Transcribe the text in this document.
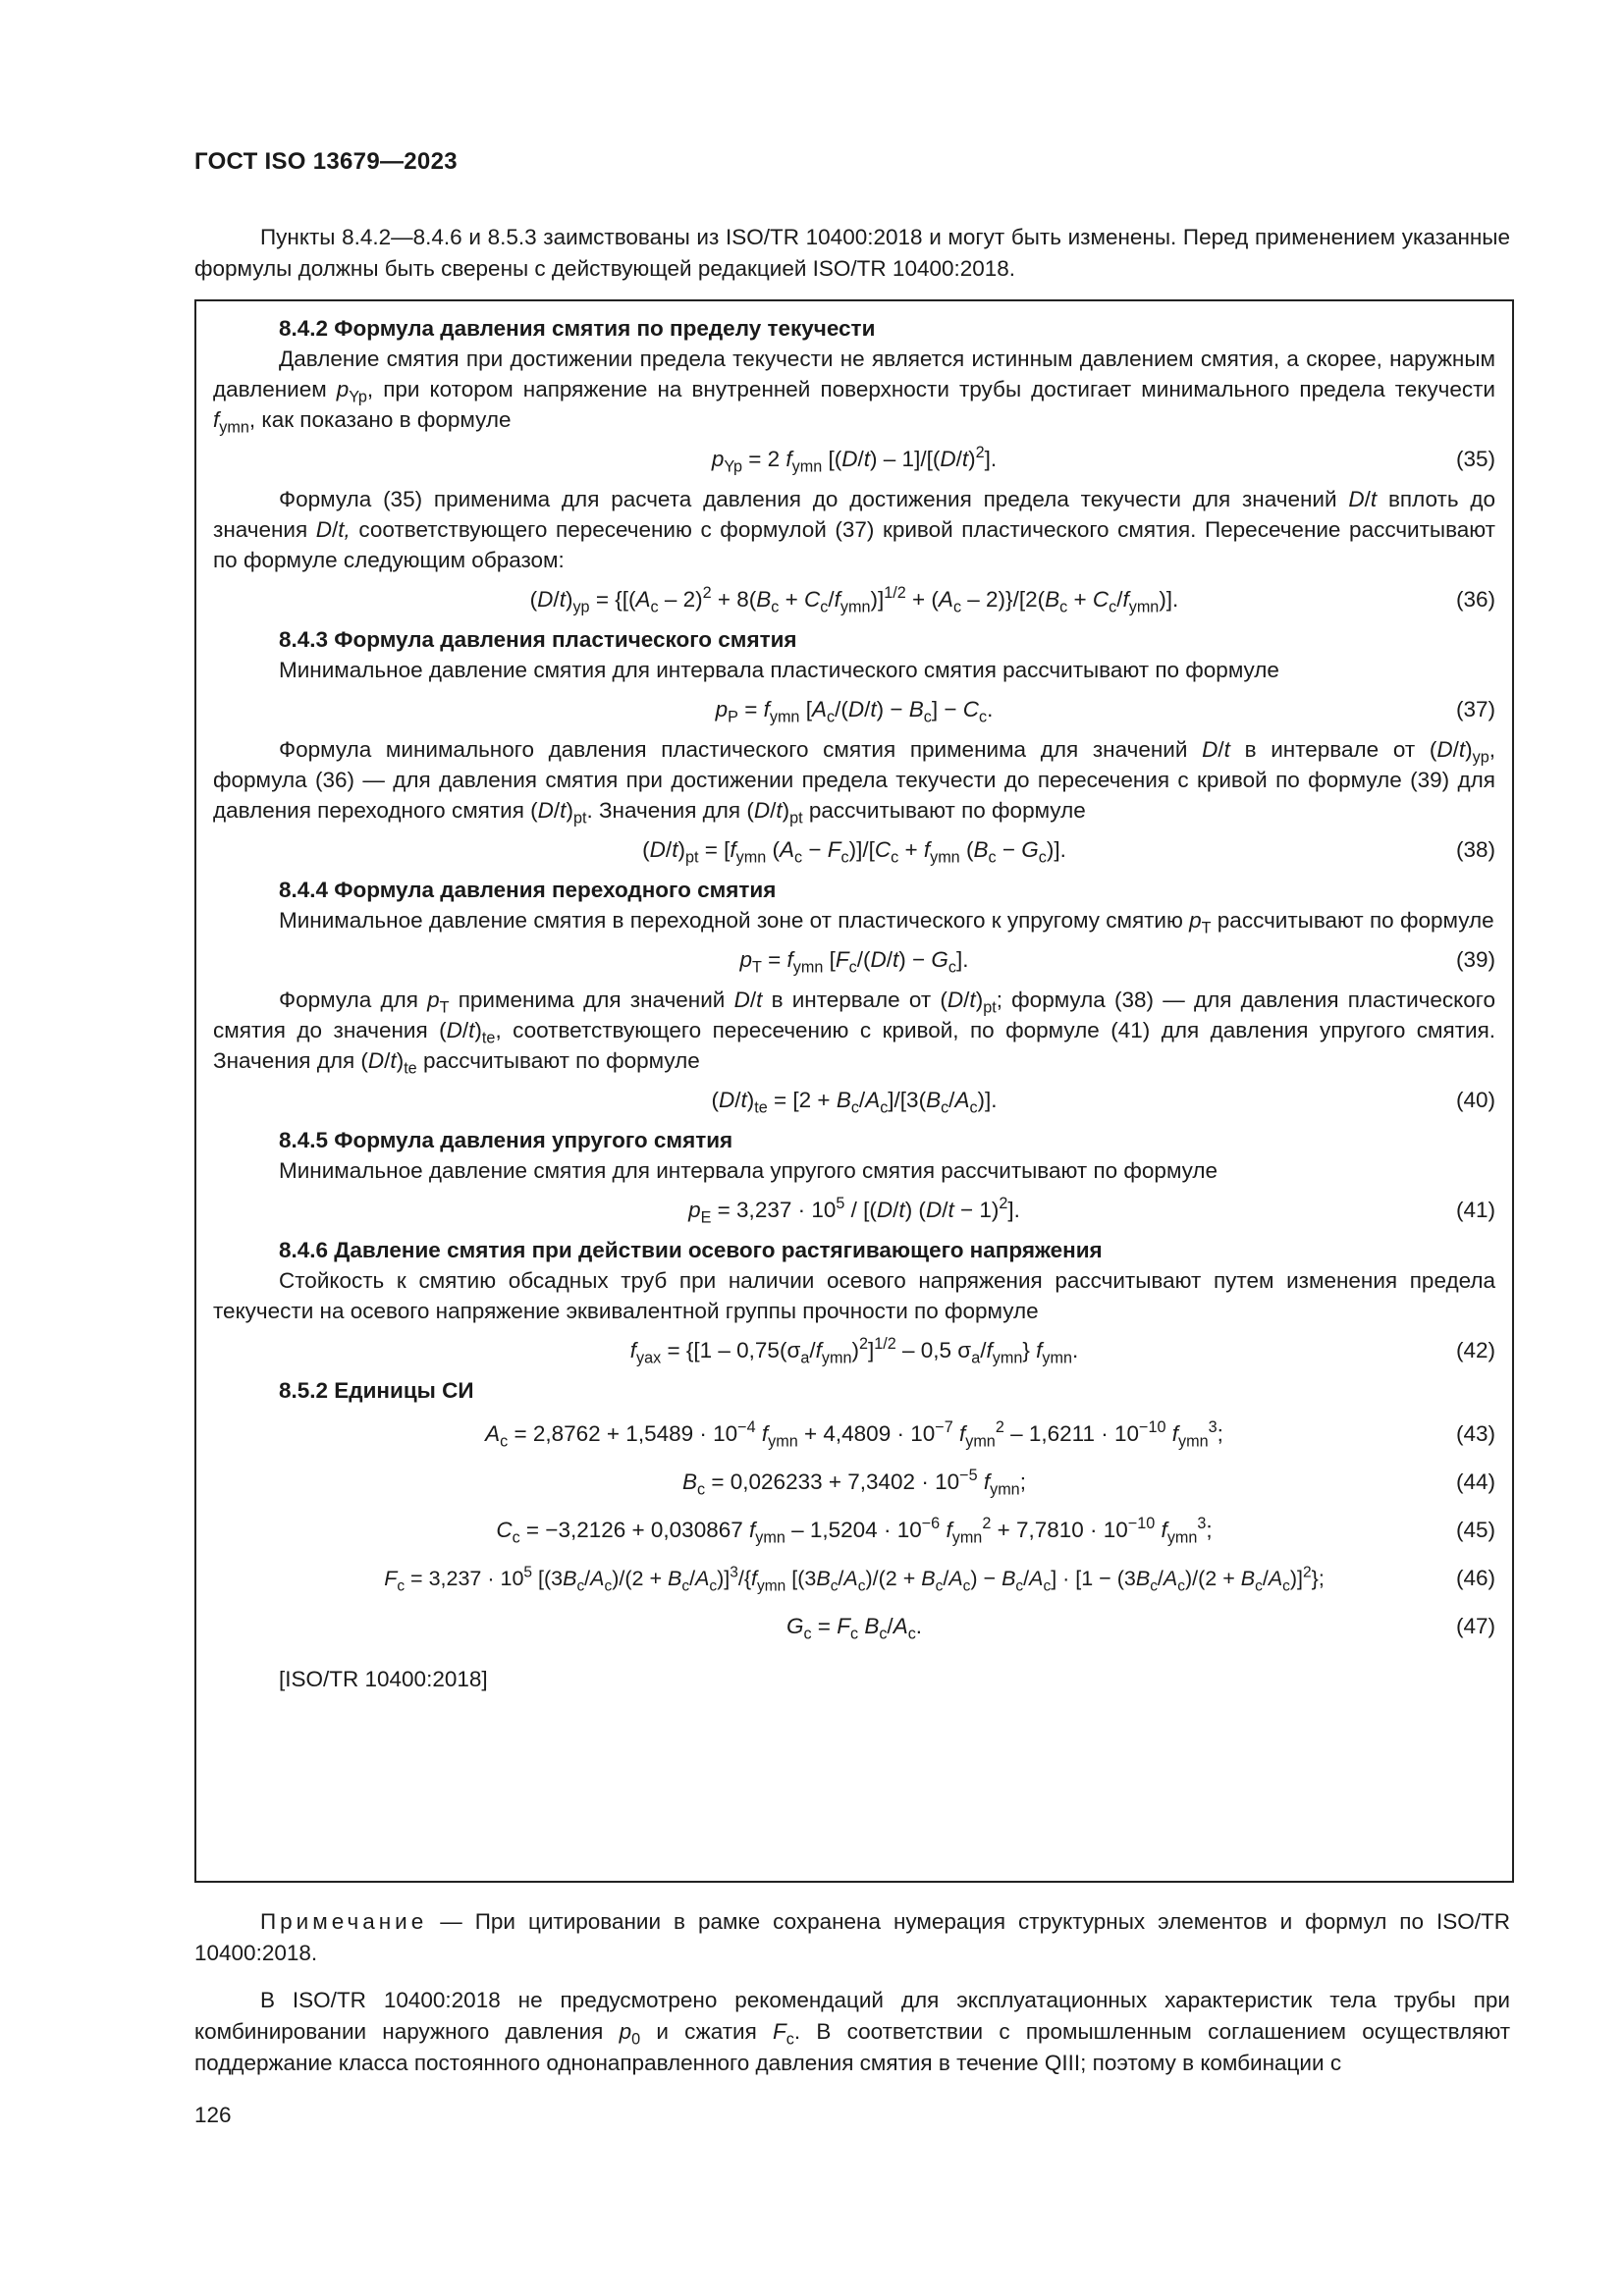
ГОСТ ISO 13679—2023

Пункты 8.4.2—8.4.6 и 8.5.3 заимствованы из ISO/TR 10400:2018 и могут быть изменены. Перед применением указанные формулы должны быть сверены с действующей редакцией ISO/TR 10400:2018.

8.4.2 Формула давления смятия по пределу текучести

Давление смятия при достижении предела текучести не является истинным давлением смятия, а скорее, наружным давлением $p_{Yp}$, при котором напряжение на внутренней поверхности трубы достигает минимального предела текучести $f_{ymn}$, как показано в формуле

$p_{Yp} = 2$ $f_{ymn}$ $[(D/t) - 1]/[(D/t)^2]$.	(35)

Формула (35) применима для расчета давления до достижения предела текучести для значений D/t вплоть до значения D/t, соответствующего пересечению с формулой (37) кривой пластического смятия. Пересечение рассчитывают по формуле следующим образом:

$(D/t)_{yp} = \{[(A_c - 2)^2 + 8(B_c + C_c/f_{ymn})]^{1/2} + (A_c - 2)\}/[2(B_c + C_c/f_{ymn})]$.	(36)

8.4.3 Формула давления пластического смятия

Минимальное давление смятия для интервала пластического смятия рассчитывают по формуле

$p_P = f_{ymn}$ $[A_c/(D/t) - B_c] - C_c$.	(37)

Формула минимального давления пластического смятия применима для значений D/t в интервале от $(D/t)_{yp}$, формула (36) — для давления смятия при достижении предела текучести до пересечения с кривой по формуле (39) для давления переходного смятия $(D/t)_{pt}$. Значения для $(D/t)_{pt}$ рассчитывают по формуле

$(D/t)_{pt} = [f_{ymn}$ $(A_c - F_c)]/[C_c + f_{ymn}$ $(B_c - G_c)$].	(38)

8.4.4 Формула давления переходного смятия

Минимальное давление смятия в переходной зоне от пластического к упругому смятию $p_T$ рассчитывают по формуле

$p_T = f_{ymn}$ $[F_c/(D/t) - G_c]$.	(39)

Формула для $p_T$ применима для значений D/t в интервале от $(D/t)_{pt}$; формула (38) — для давления пластического смятия до значения $(D/t)_{te}$, соответствующего пересечению с кривой, по формуле (41) для давления упругого смятия. Значения для $(D/t)_{te}$ рассчитывают по формуле

$(D/t)_{te} = [2 + B_c/A_c]/[3(B_c/A_c)]$.	(40)

8.4.5 Формула давления упругого смятия

Минимальное давление смятия для интервала упругого смятия рассчитывают по формуле

$p_E = 3,237 \cdot 10^5 / [(D/t) (D/t - 1)^2]$.	(41)

8.4.6 Давление смятия при действии осевого растягивающего напряжения

Стойкость к смятию обсадных труб при наличии осевого напряжения рассчитывают путем изменения предела текучести на осевого напряжение эквивалентной группы прочности по формуле

$f_{yax} = \{[1 - 0,75(\sigma_a/f_{ymn})^2]^{1/2} - 0,5$ $\sigma_a/f_{ymn}$} $f_{ymn}$.	(42)

8.5.2 Единицы СИ

$A_c = 2,8762 + 1,5489 \cdot 10^{-4}$ $f_{ymn} + 4,4809 \cdot 10^{-7}$ $f_{ymn}^2 - 1,6211 \cdot 10^{-10}$ $f_{ymn}^3$;	(43)
$B_c = 0,026233 + 7,3402 \cdot 10^{-5}$ $f_{ymn}$;	(44)
$C_c = -3,2126 + 0,030867$ $f_{ymn} - 1,5204 \cdot 10^{-6}$ $f_{ymn}^2 + 7,7810 \cdot 10^{-10}$ $f_{ymn}^3$;	(45)
$F_c = 3,237 \cdot 10^5$ $[(3B_c/A_c)/(2 + B_c/A_c)]^3/\{f_{ymn}$ $[(3B_c/A_c)/(2 + B_c/A_c) - B_c/A_c] \cdot [1 - (3B_c/A_c)/(2 + B_c/A_c)]^2$};	(46)
$G_c = F_c$ $B_c/A_c$.	(47)

[ISO/TR 10400:2018]

Примечание — При цитировании в рамке сохранена нумерация структурных элементов и формул по ISO/TR 10400:2018.

В ISO/TR 10400:2018 не предусмотрено рекомендаций для эксплуатационных характеристик тела трубы при комбинировании наружного давления $p_0$ и сжатия $F_c$. В соответствии с промышленным соглашением осуществляют поддержание класса постоянного однонаправленного давления смятия в течение QIII; поэтому в комбинации с

126
